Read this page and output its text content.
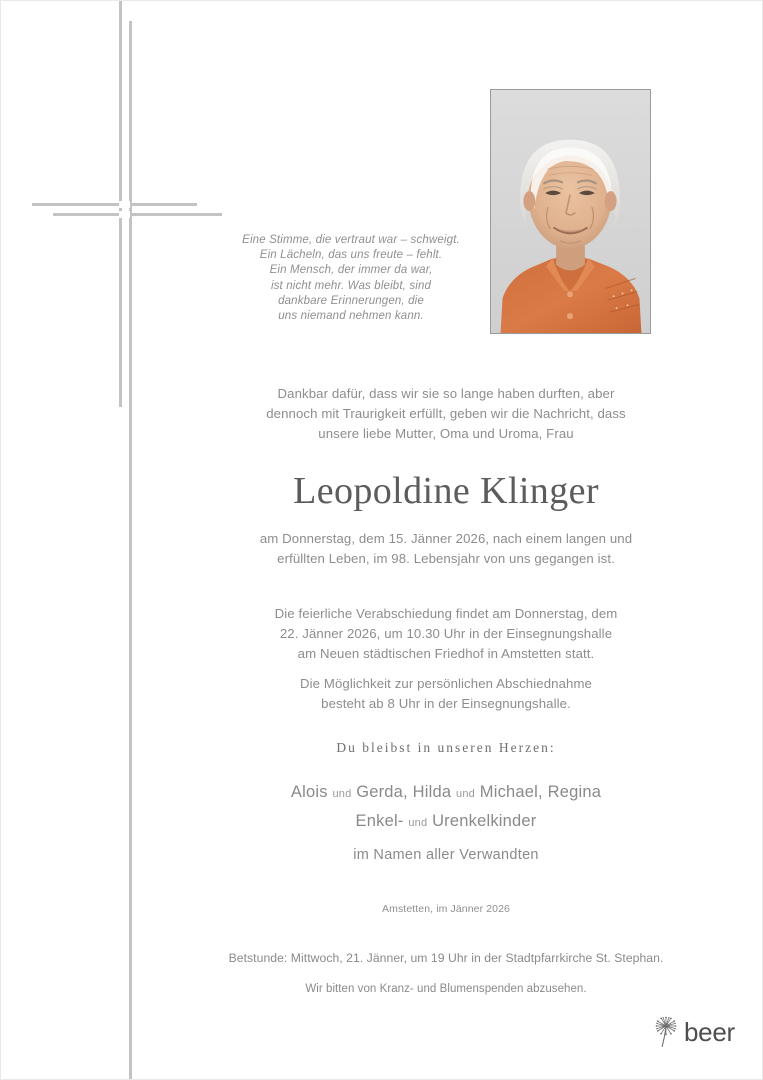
Eine Stimme, die vertraut war – schweigt.
Ein Lächeln, das uns freute – fehlt.
Ein Mensch, der immer da war,
ist nicht mehr. Was bleibt, sind
dankbare Erinnerungen, die
uns niemand nehmen kann.
Dankbar dafür, dass wir sie so lange haben durften, aber
dennoch mit Traurigkeit erfüllt, geben wir die Nachricht, dass
unsere liebe Mutter, Oma und Uroma, Frau
Leopoldine Klinger
am Donnerstag, dem 15. Jänner 2026, nach einem langen und
erfüllten Leben, im 98. Lebensjahr von uns gegangen ist.
Die feierliche Verabschiedung findet am Donnerstag, dem
22. Jänner 2026, um 10.30 Uhr in der Einsegnungshalle
am Neuen städtischen Friedhof in Amstetten statt.
Die Möglichkeit zur persönlichen Abschiednahme
besteht ab 8 Uhr in der Einsegnungshalle.
Du bleibst in unseren Herzen:
Alois und Gerda, Hilda und Michael, Regina
Enkel- und Urenkelkinder
im Namen aller Verwandten
Amstetten, im Jänner 2026
Betstunde: Mittwoch, 21. Jänner, um 19 Uhr in der Stadtpfarrkirche St. Stephan.
Wir bitten von Kranz- und Blumenspenden abzusehen.
beer
